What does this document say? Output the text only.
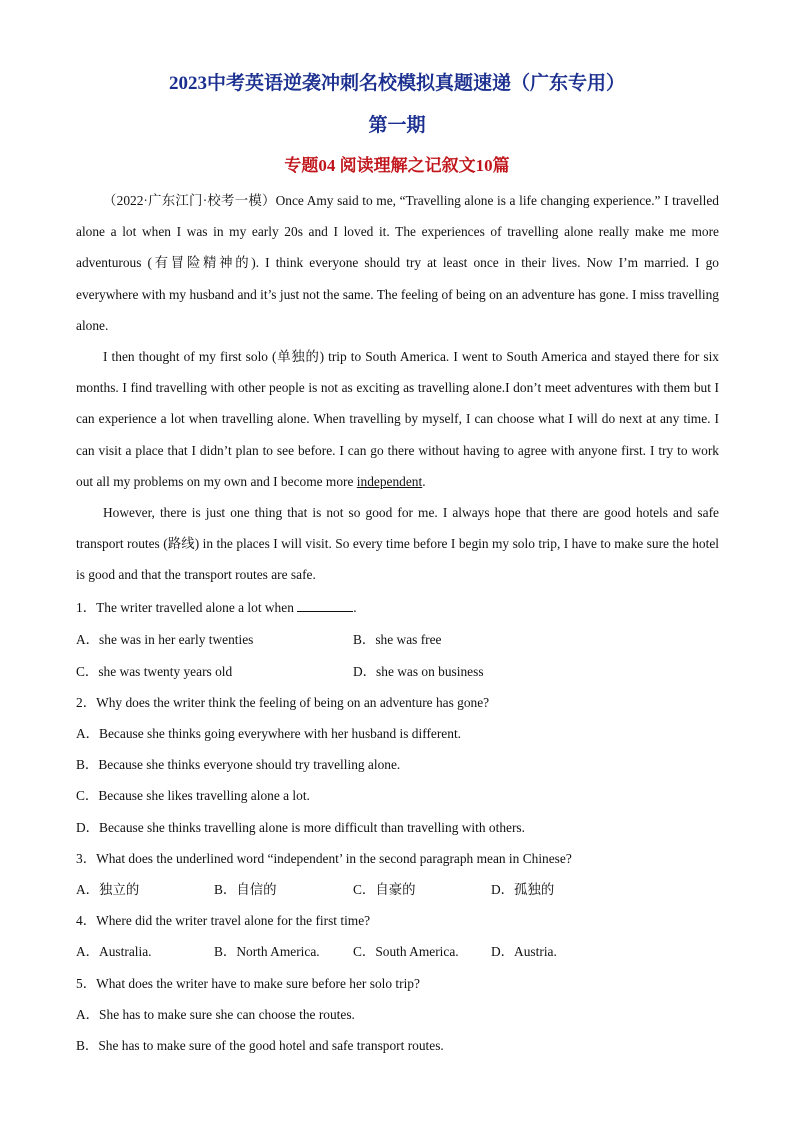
2023中考英语逆袭冲刺名校模拟真题速递（广东专用）
第一期
专题04 阅读理解之记叙文10篇

（2022·广东江门·校考一模）Once Amy said to me, “Travelling alone is a life changing experience.” I travelled alone a lot when I was in my early 20s and I loved it. The experiences of travelling alone really make me more adventurous (有冒险精神的). I think everyone should try at least once in their lives. Now I’m married. I go everywhere with my husband and it’s just not the same. The feeling of being on an adventure has gone. I miss travelling alone.

I then thought of my first solo (单独的) trip to South America. I went to South America and stayed there for six months. I find travelling with other people is not as exciting as travelling alone.I don’t meet adventures with them but I can experience a lot when travelling alone. When travelling by myself, I can choose what I will do next at any time. I can visit a place that I didn’t plan to see before. I can go there without having to agree with anyone first. I try to work out all my problems on my own and I become more independent.

However, there is just one thing that is not so good for me. I always hope that there are good hotels and safe transport routes (路线) in the places I will visit. So every time before I begin my solo trip, I have to make sure the hotel is good and that the transport routes are safe.

1．The writer travelled alone a lot when	.
A．she was in her early twenties	B．she was free
C．she was twenty years old	D．she was on business
2．Why does the writer think the feeling of being on an adventure has gone?
A．Because she thinks going everywhere with her husband is different.
B．Because she thinks everyone should try travelling alone.
C．Because she likes travelling alone a lot.
D．Because she thinks travelling alone is more difficult than travelling with others.
3．What does the underlined word “independent’ in the second paragraph mean in Chinese?
A．独立的	B．自信的	C．自豪的	D．孤独的
4．Where did the writer travel alone for the first time?
A．Australia.	B．North America. C．South America. D．Austria.
5．What does the writer have to make sure before her solo trip?
A．She has to make sure she can choose the routes.
B．She has to make sure of the good hotel and safe transport routes.
